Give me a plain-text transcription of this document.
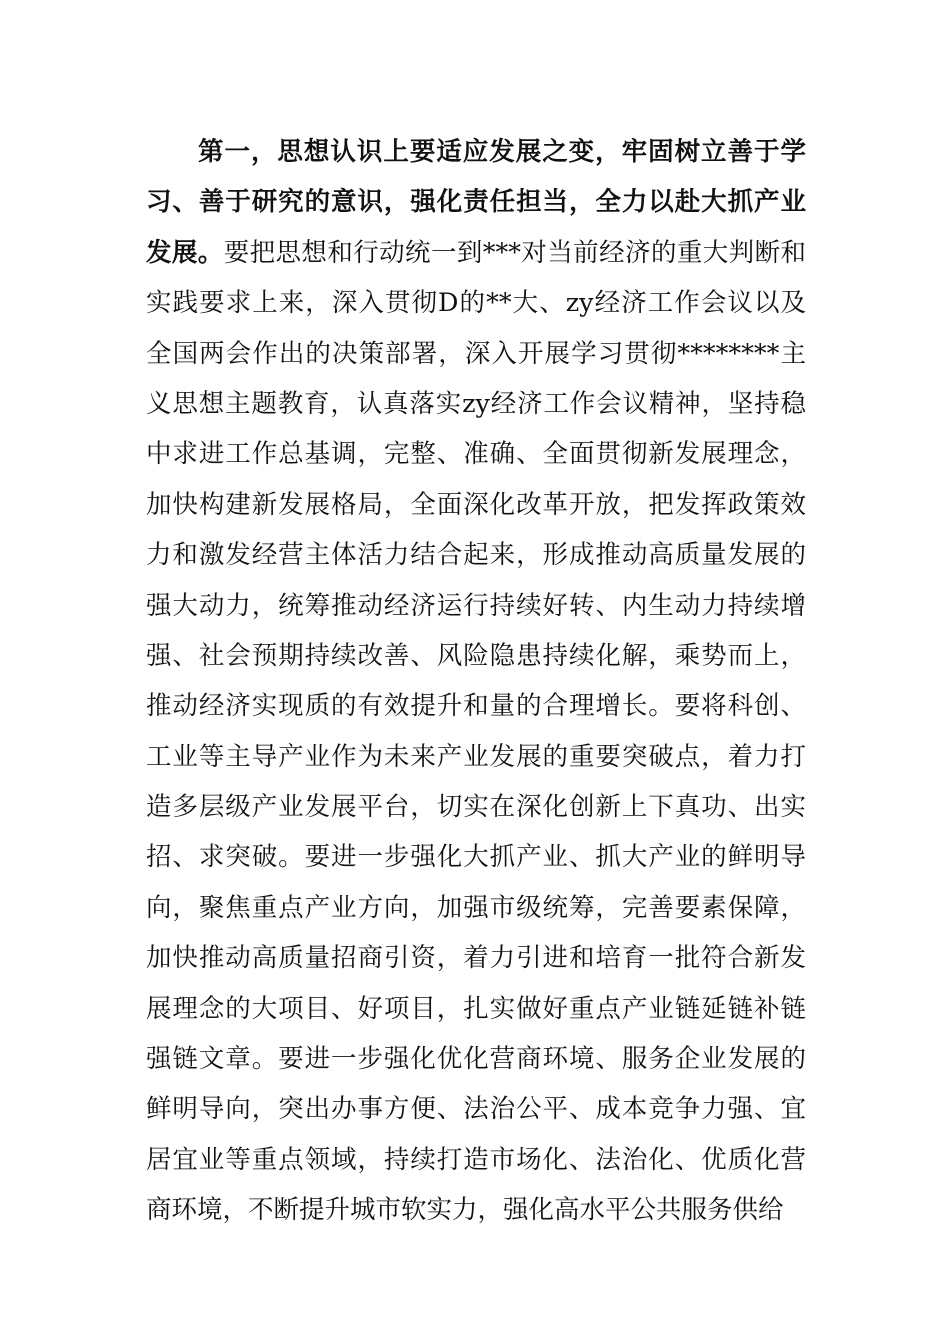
第一，思想认识上要适应发展之变，牢固树立善于学
习、善于研究的意识，强化责任担当，全力以赴大抓产业
发展。要把思想和行动统一到***对当前经济的重大判断和
实践要求上来，深入贯彻D的**大、zy经济工作会议以及
全国两会作出的决策部署，深入开展学习贯彻********主
义思想主题教育，认真落实zy经济工作会议精神，坚持稳
中求进工作总基调，完整、准确、全面贯彻新发展理念，
加快构建新发展格局，全面深化改革开放，把发挥政策效
力和激发经营主体活力结合起来，形成推动高质量发展的
强大动力，统筹推动经济运行持续好转、内生动力持续增
强、社会预期持续改善、风险隐患持续化解，乘势而上，
推动经济实现质的有效提升和量的合理增长。要将科创、
工业等主导产业作为未来产业发展的重要突破点，着力打
造多层级产业发展平台，切实在深化创新上下真功、出实
招、求突破。要进一步强化大抓产业、抓大产业的鲜明导
向，聚焦重点产业方向，加强市级统筹，完善要素保障，
加快推动高质量招商引资，着力引进和培育一批符合新发
展理念的大项目、好项目，扎实做好重点产业链延链补链
强链文章。要进一步强化优化营商环境、服务企业发展的
鲜明导向，突出办事方便、法治公平、成本竞争力强、宜
居宜业等重点领域，持续打造市场化、法治化、优质化营
商环境，不断提升城市软实力，强化高水平公共服务供给
